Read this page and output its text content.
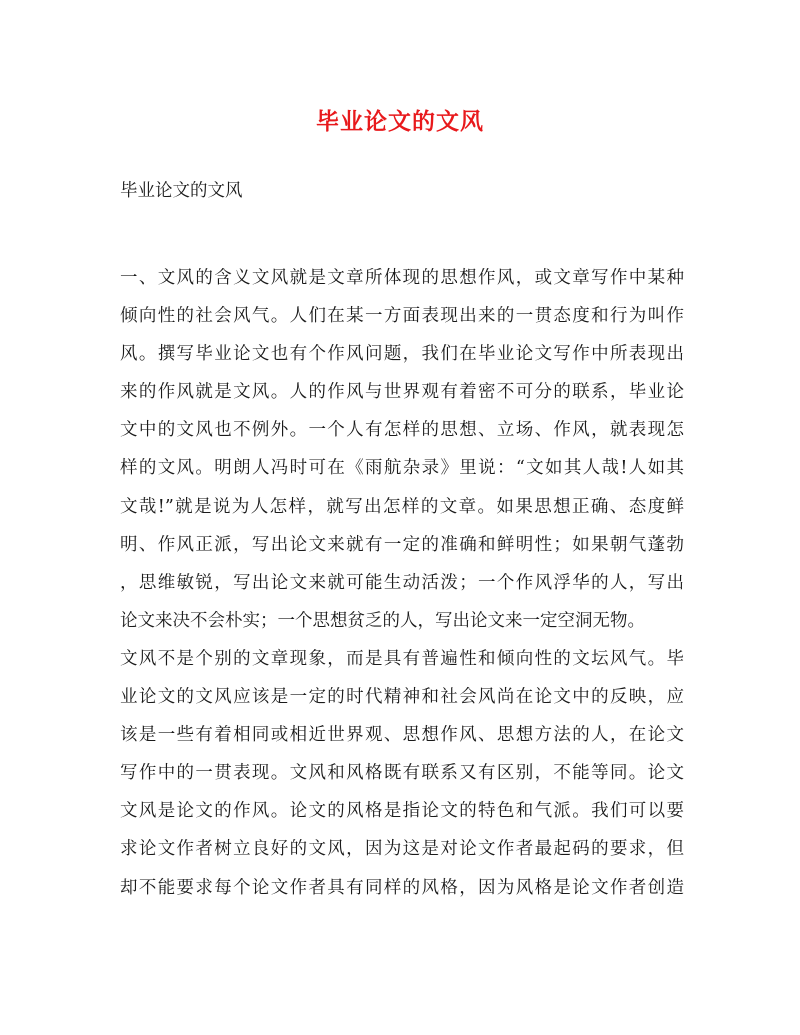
毕业论文的文风
毕业论文的文风
一、文风的含义文风就是文章所体现的思想作风，或文章写作中某种
倾向性的社会风气。人们在某一方面表现出来的一贯态度和行为叫作
风。撰写毕业论文也有个作风问题，我们在毕业论文写作中所表现出
来的作风就是文风。人的作风与世界观有着密不可分的联系，毕业论
文中的文风也不例外。一个人有怎样的思想、立场、作风，就表现怎
样的文风。明朗人冯时可在《雨航杂录》里说：“文如其人哉!人如其
文哉!”就是说为人怎样，就写出怎样的文章。如果思想正确、态度鲜
明、作风正派，写出论文来就有一定的准确和鲜明性；如果朝气蓬勃
，思维敏锐，写出论文来就可能生动活泼；一个作风浮华的人，写出
论文来决不会朴实；一个思想贫乏的人，写出论文来一定空洞无物。
文风不是个别的文章现象，而是具有普遍性和倾向性的文坛风气。毕
业论文的文风应该是一定的时代精神和社会风尚在论文中的反映，应
该是一些有着相同或相近世界观、思想作风、思想方法的人，在论文
写作中的一贯表现。文风和风格既有联系又有区别，不能等同。论文
文风是论文的作风。论文的风格是指论文的特色和气派。我们可以要
求论文作者树立良好的文风，因为这是对论文作者最起码的要求，但
却不能要求每个论文作者具有同样的风格，因为风格是论文作者创造
